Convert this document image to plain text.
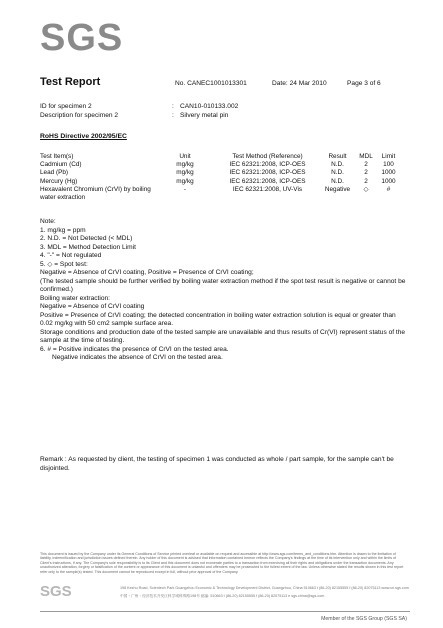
SGS
Test Report	No. CANEC1001013301	Date: 24 Mar 2010	Page 3 of 6
ID for specimen 2	: CAN10-010133.002
Description for specimen 2	: Silvery metal pin
RoHS Directive 2002/95/EC
Test Item(s)	Unit	Test Method (Reference)	Result	MDL	Limit
Cadmium (Cd)	mg/kg	IEC 62321:2008, ICP-OES	N.D.	2	100
Lead (Pb)	mg/kg	IEC 62321:2008, ICP-OES	N.D.	2	1000
Mercury (Hg)	mg/kg	IEC 62321:2008, ICP-OES	N.D.	2	1000
Hexavalent Chromium (CrVI) by boiling water extraction	-	IEC 62321:2008, UV-Vis	Negative	◇	#
Note:
1. mg/kg = ppm
2. N.D. = Not Detected (< MDL)
3. MDL = Method Detection Limit
4. "-" = Not regulated
5. ◇ = Spot test:
Negative = Absence of CrVI coating, Positive = Presence of CrVI coating;
(The tested sample should be further verified by boiling water extraction method if the spot test result is negative or cannot be confirmed.)
Boiling water extraction:
Negative = Absence of CrVI coating
Positive = Presence of CrVI coating; the detected concentration in boiling water extraction solution is equal or greater than 0.02 mg/kg with 50 cm2 sample surface area.
Storage conditions and production date of the tested sample are unavailable and thus results of Cr(VI) represent status of the sample at the time of testing.
6. # = Positive indicates the presence of CrVI on the tested area.
Negative indicates the absence of CrVI on the tested area.
Remark : As requested by client, the testing of specimen 1 was conducted as whole / part sample, for the sample can't be disjointed.
This document is issued by the Company under its General Conditions of Service printed overleaf or available on request and accessible at http://www.sgs.com/terms_and_conditions.htm. Attention is drawn to the limitation of liability, indemnification and jurisdiction issues defined therein. Any holder of this document is advised that information contained hereon reflects the Company's findings at the time of its intervention only and within the limits of Client's instructions, if any. The Company's sole responsibility is to its Client and this document does not exonerate parties to a transaction from exercising all their rights and obligations under the transaction documents. Any unauthorized alteration, forgery or falsification of the content or appearance of this document is unlawful and offenders may be prosecuted to the fullest extent of the law. Unless otherwise stated the results shown in this test report refer only to the sample(s) tested. This document cannot be reproduced except in full, without prior approval of the Company.
SGS	198 Kezhu Road, Scientech Park Guangzhou Economic & Technology Development District, Guangzhou, China 510663 t (86-20) 82155555 f (86-20) 82075113 www.cn.sgs.com
中国・广州・经济技术开发区科学城科珠路198号 邮编: 510663 t (86-20) 82155555 f (86-20) 82075113 e sgs.china@sgs.com
Member of the SGS Group (SGS SA)
